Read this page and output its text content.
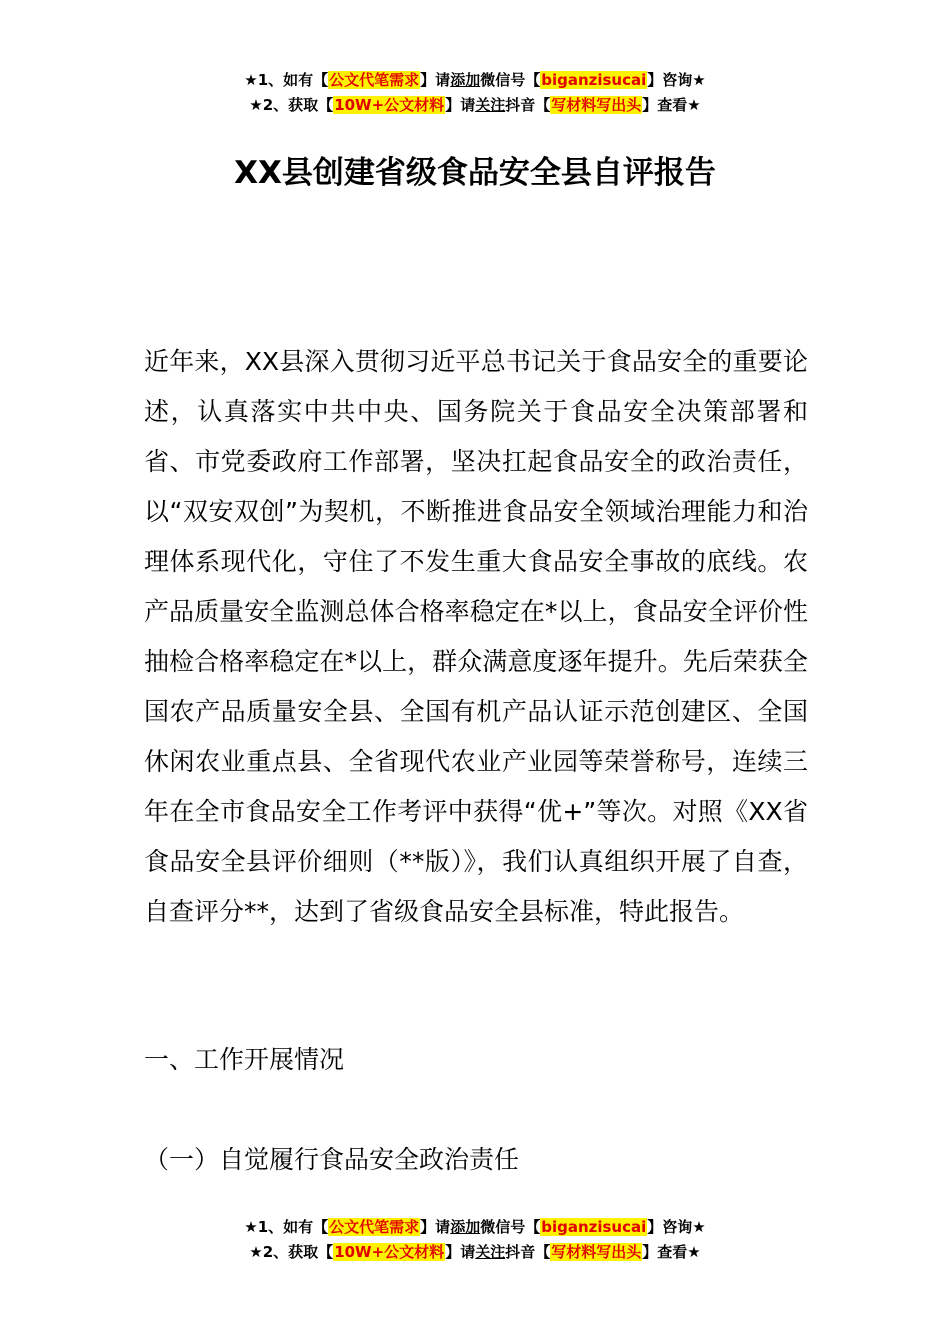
★1、如有【公文代笔需求】请添加微信号【biganzisucai】咨询★
★2、获取【10W+公文材料】请关注抖音【写材料写出头】查看★
XX县创建省级食品安全县自评报告

近年来，XX县深入贯彻习近平总书记关于食品安全的重要论述，认真落实中共中央、国务院关于食品安全决策部署和省、市党委政府工作部署，坚决扛起食品安全的政治责任，以“双安双创”为契机，不断推进食品安全领域治理能力和治理体系现代化，守住了不发生重大食品安全事故的底线。农产品质量安全监测总体合格率稳定在*以上，食品安全评价性抽检合格率稳定在*以上，群众满意度逐年提升。先后荣获全国农产品质量安全县、全国有机产品认证示范创建区、全国休闲农业重点县、全省现代农业产业园等荣誉称号，连续三年在全市食品安全工作考评中获得“优+”等次。对照《XX省食品安全县评价细则（**版）》，我们认真组织开展了自查，自查评分**，达到了省级食品安全县标准，特此报告。

一、工作开展情况
（一）自觉履行食品安全政治责任
★1、如有【公文代笔需求】请添加微信号【biganzisucai】咨询★
★2、获取【10W+公文材料】请关注抖音【写材料写出头】查看★
